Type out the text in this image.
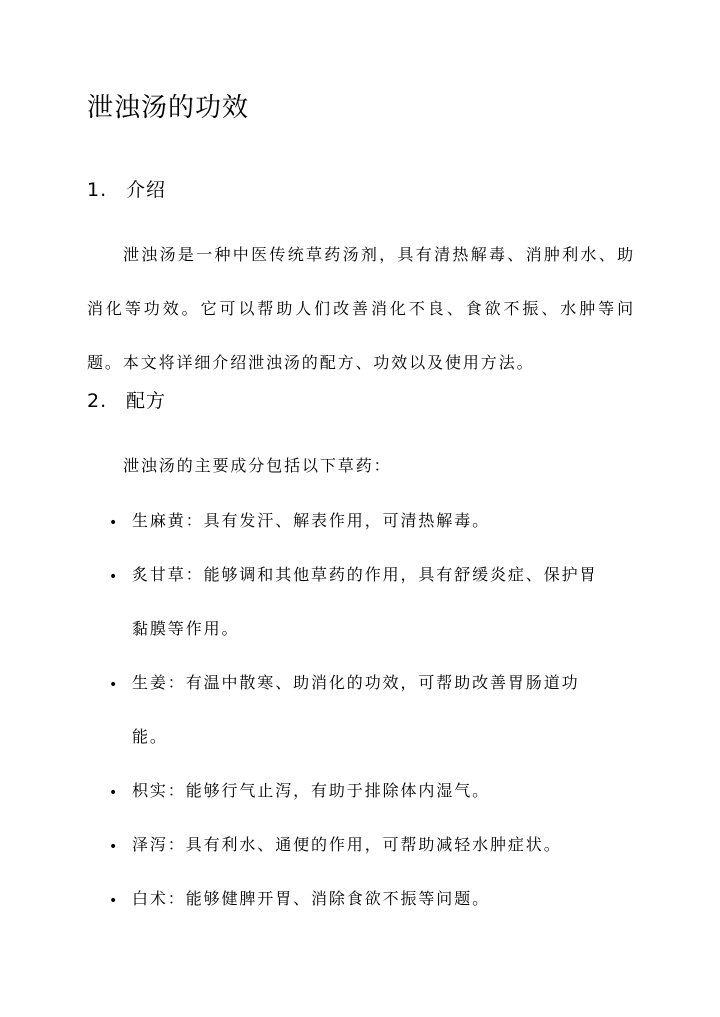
泄浊汤的功效
1. 介绍

泄浊汤是一种中医传统草药汤剂，具有清热解毒、消肿利水、助消化等功效。它可以帮助人们改善消化不良、食欲不振、水肿等问题。本文将详细介绍泄浊汤的配方、功效以及使用方法。

2. 配方

泄浊汤的主要成分包括以下草药：

• 生麻黄：具有发汗、解表作用，可清热解毒。
• 炙甘草：能够调和其他草药的作用，具有舒缓炎症、保护胃黏膜等作用。
• 生姜：有温中散寒、助消化的功效，可帮助改善胃肠道功能。
• 枳实：能够行气止泻，有助于排除体内湿气。
• 泽泻：具有利水、通便的作用，可帮助减轻水肿症状。
• 白术：能够健脾开胃、消除食欲不振等问题。
